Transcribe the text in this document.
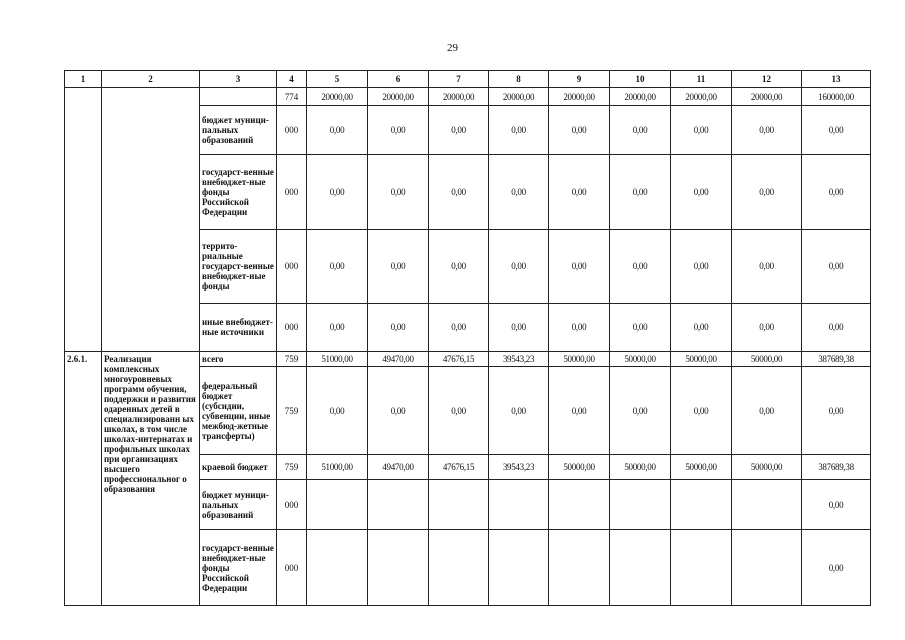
29
1	2	3	4	5	6	7	8	9	10	11	12	13
			774	20000,00	20000,00	20000,00	20000,00	20000,00	20000,00	20000,00	20000,00	160000,00
		бюджет муници-пальных образований	000	0,00	0,00	0,00	0,00	0,00	0,00	0,00	0,00	0,00
		государст-венные внебюджет-ные фонды Российской Федерации	000	0,00	0,00	0,00	0,00	0,00	0,00	0,00	0,00	0,00
		террито-риальные государст-венные внебюджет-ные фонды	000	0,00	0,00	0,00	0,00	0,00	0,00	0,00	0,00	0,00
		иные внебюджет-ные источники	000	0,00	0,00	0,00	0,00	0,00	0,00	0,00	0,00	0,00
2.6.1.	Реализация комплексных многоуровневых программ обучения, поддержки и развития одаренных детей в специализированн ых школах, в том числе школах-интернатах и профильных школах при организациях высшего профессиональног о образования	всего	759	51000,00	49470,00	47676,15	39543,23	50000,00	50000,00	50000,00	50000,00	387689,38
		федеральный бюджет (субсидии, субвенции, иные межбюд-жетные трансферты)	759	0,00	0,00	0,00	0,00	0,00	0,00	0,00	0,00	0,00
		краевой бюджет	759	51000,00	49470,00	47676,15	39543,23	50000,00	50000,00	50000,00	50000,00	387689,38
		бюджет муници-пальных образований	000									0,00
		государст-венные внебюджет-ные фонды Российской Федерации	000									0,00
